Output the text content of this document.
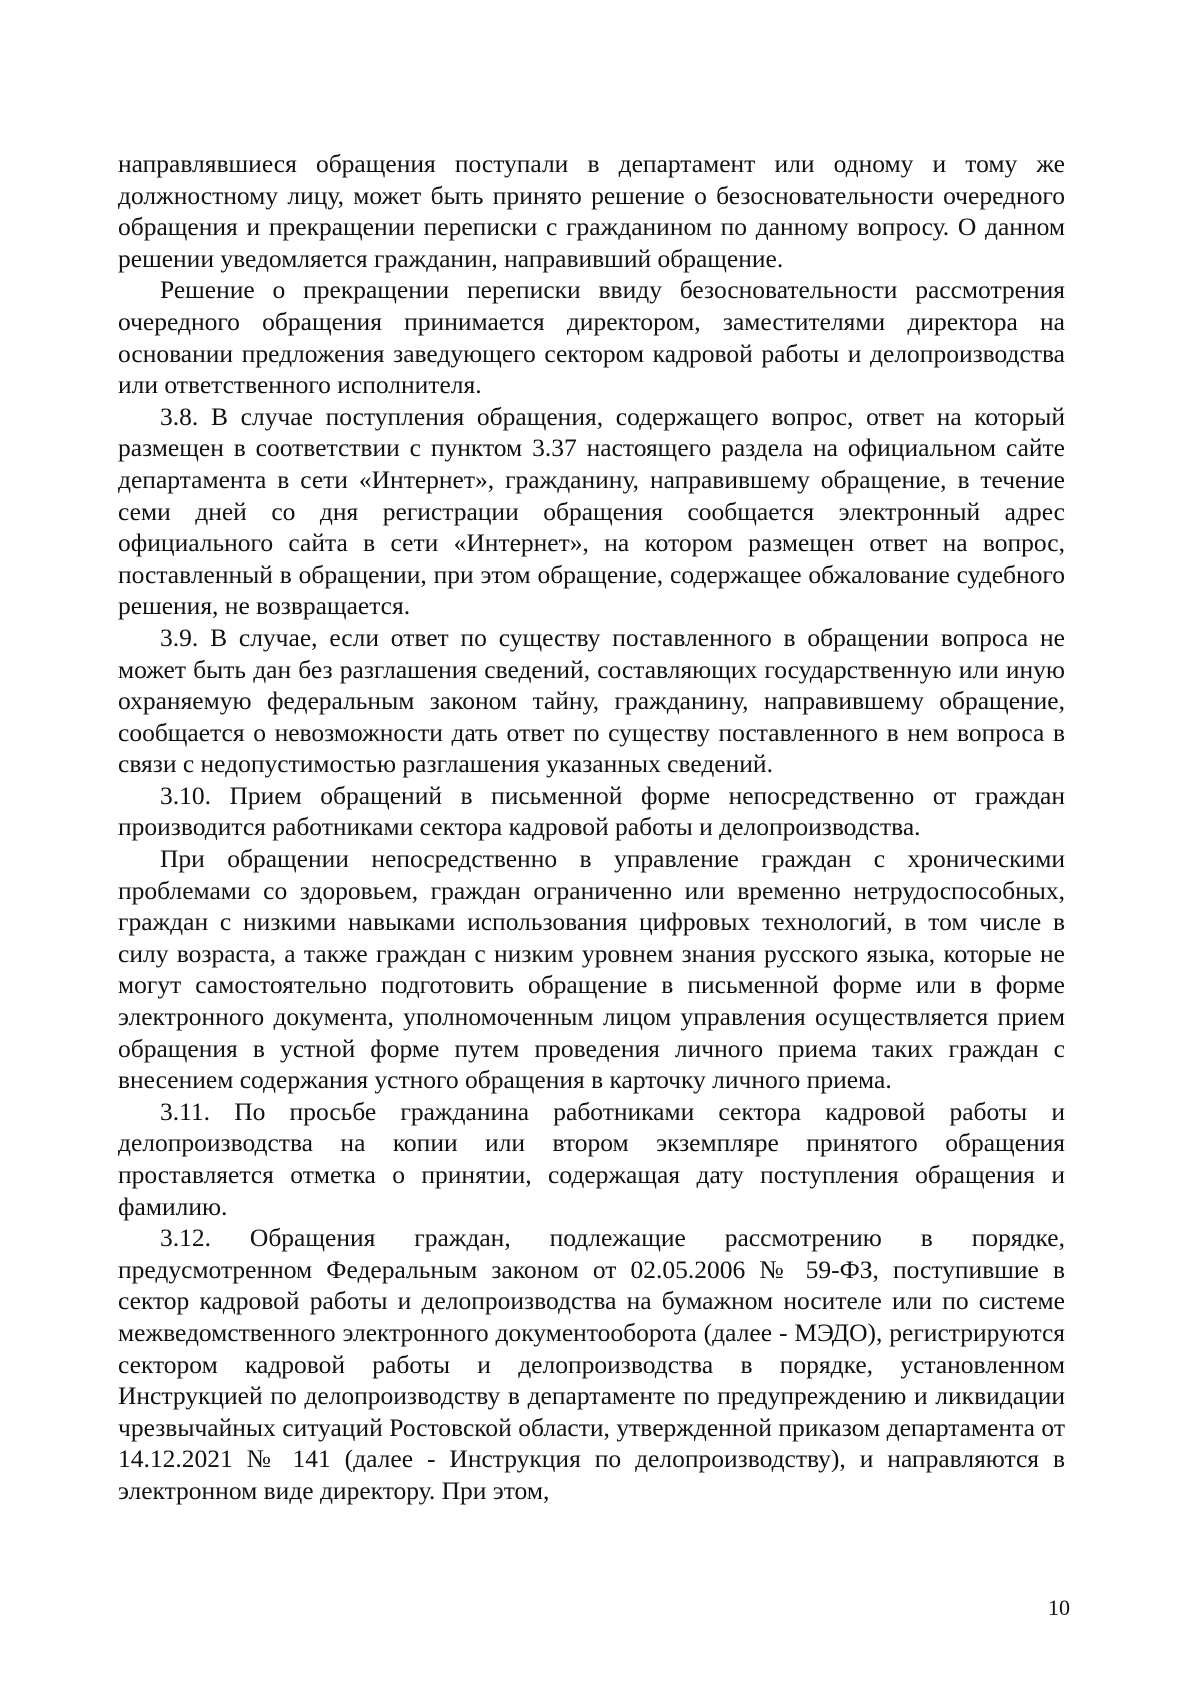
направлявшиеся обращения поступали в департамент или одному и тому же должностному лицу, может быть принято решение о безосновательности очередного обращения и прекращении переписки с гражданином по данному вопросу. О данном решении уведомляется гражданин, направивший обращение.

Решение о прекращении переписки ввиду безосновательности рассмотрения очередного обращения принимается директором, заместителями директора на основании предложения заведующего сектором кадровой работы и делопроизводства или ответственного исполнителя.

3.8. В случае поступления обращения, содержащего вопрос, ответ на который размещен в соответствии с пунктом 3.37 настоящего раздела на официальном сайте департамента в сети «Интернет», гражданину, направившему обращение, в течение семи дней со дня регистрации обращения сообщается электронный адрес официального сайта в сети «Интернет», на котором размещен ответ на вопрос, поставленный в обращении, при этом обращение, содержащее обжалование судебного решения, не возвращается.

3.9. В случае, если ответ по существу поставленного в обращении вопроса не может быть дан без разглашения сведений, составляющих государственную или иную охраняемую федеральным законом тайну, гражданину, направившему обращение, сообщается о невозможности дать ответ по существу поставленного в нем вопроса в связи с недопустимостью разглашения указанных сведений.

3.10. Прием обращений в письменной форме непосредственно от граждан производится работниками сектора кадровой работы и делопроизводства.

При обращении непосредственно в управление граждан с хроническими проблемами со здоровьем, граждан ограниченно или временно нетрудоспособных, граждан с низкими навыками использования цифровых технологий, в том числе в силу возраста, а также граждан с низким уровнем знания русского языка, которые не могут самостоятельно подготовить обращение в письменной форме или в форме электронного документа, уполномоченным лицом управления осуществляется прием обращения в устной форме путем проведения личного приема таких граждан с внесением содержания устного обращения в карточку личного приема.

3.11. По просьбе гражданина работниками сектора кадровой работы и делопроизводства на копии или втором экземпляре принятого обращения проставляется отметка о принятии, содержащая дату поступления обращения и фамилию.

3.12. Обращения граждан, подлежащие рассмотрению в порядке, предусмотренном Федеральным законом от 02.05.2006 № 59-ФЗ, поступившие в сектор кадровой работы и делопроизводства на бумажном носителе или по системе межведомственного электронного документооборота (далее - МЭДО), регистрируются сектором кадровой работы и делопроизводства в порядке, установленном Инструкцией по делопроизводству в департаменте по предупреждению и ликвидации чрезвычайных ситуаций Ростовской области, утвержденной приказом департамента от 14.12.2021 № 141 (далее - Инструкция по делопроизводству), и направляются в электронном виде директору. При этом,

10
